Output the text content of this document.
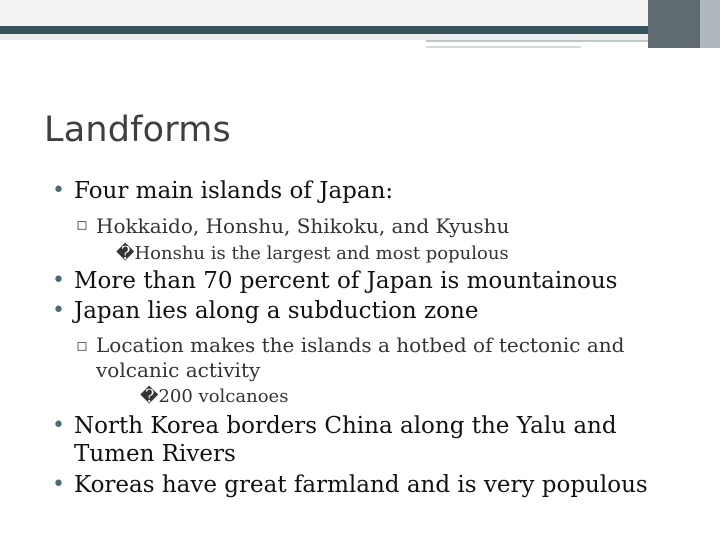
Landforms
• Four main islands of Japan:
▫ Hokkaido, Honshu, Shikoku, and Kyushu
�Honshu is the largest and most populous
• More than 70 percent of Japan is mountainous
• Japan lies along a subduction zone
▫ Location makes the islands a hotbed of tectonic and
volcanic activity
�200 volcanoes
• North Korea borders China along the Yalu and
Tumen Rivers
• Koreas have great farmland and is very populous
